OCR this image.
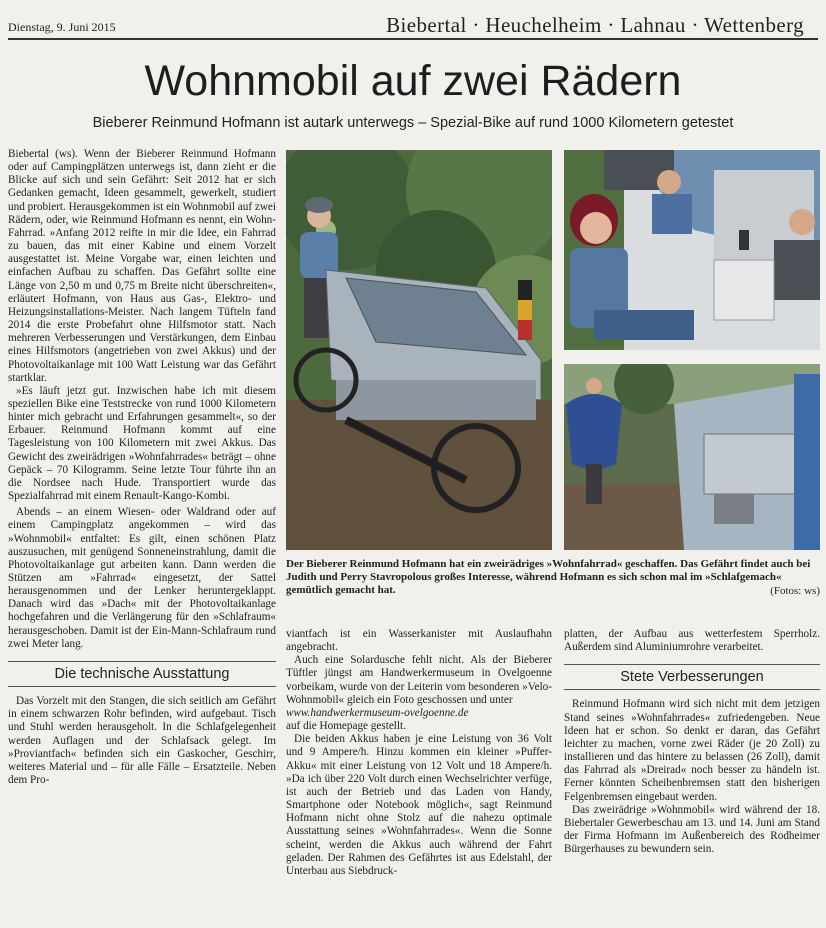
Dienstag, 9. Juni 2015	Biebertal · Heuchelheim · Lahnau · Wettenberg
Wohnmobil auf zwei Rädern
Bieberer Reinmund Hofmann ist autark unterwegs – Spezial-Bike auf rund 1000 Kilometern getestet

Biebertal (ws). Wenn der Bieberer Reinmund Hofmann oder auf Campingplätzen unterwegs ist, dann zieht er die Blicke auf sich und sein Gefährt: Seit 2012 hat er sich Gedanken gemacht, Ideen gesammelt, gewerkelt, studiert und probiert. Herausgekommen ist ein Wohnmobil auf zwei Rädern, oder, wie Reinmund Hofmann es nennt, ein Wohn-Fahrrad. »Anfang 2012 reifte in mir die Idee, ein Fahrrad zu bauen, das mit einer Kabine und einem Vorzelt ausgestattet ist. Meine Vorgabe war, einen leichten und einfachen Aufbau zu schaffen. Das Gefährt sollte eine Länge von 2,50 m und 0,75 m Breite nicht überschreiten«, erläutert Hofmann, von Haus aus Gas-, Elektro- und Heizungsinstallations-Meister. Nach langem Tüfteln fand 2014 die erste Probefahrt ohne Hilfsmotor statt. Nach mehreren Verbesserungen und Verstärkungen, dem Einbau eines Hilfsmotors (angetrieben von zwei Akkus) und der Photovoltaikanlage mit 100 Watt Leistung war das Gefährt startklar.

»Es läuft jetzt gut. Inzwischen habe ich mit diesem speziellen Bike eine Teststrecke von rund 1000 Kilometern hinter mich gebracht und Erfahrungen gesammelt«, so der Erbauer. Reinmund Hofmann kommt auf eine Tagesleistung von 100 Kilometern mit zwei Akkus. Das Gewicht des zweirädrigen »Wohnfahrrades« beträgt – ohne Gepäck – 70 Kilogramm. Seine letzte Tour führte ihn an die Nordsee nach Hude. Transportiert wurde das Spezialfahrrad mit einem Renault-Kango-Kombi.

Abends – an einem Wiesen- oder Waldrand oder auf einem Campingplatz angekommen – wird das »Wohnmobil« entfaltet: Es gilt, einen schönen Platz auszusuchen, mit genügend Sonneneinstrahlung, damit die Photovoltaikanlage gut arbeiten kann. Dann werden die Stützen am »Fahrrad« eingesetzt, der Sattel herausgenommen und der Lenker heruntergeklappt. Danach wird das »Dach« mit der Photovoltaikanlage hochgefahren und die Verlängerung für den »Schlafraum« herausgeschoben. Damit ist der Ein-Mann-Schlafraum rund zwei Meter lang.

Die technische Ausstattung

Das Vorzelt mit den Stangen, die sich seitlich am Gefährt in einem schwarzen Rohr befinden, wird aufgebaut. Tisch und Stuhl werden herausgeholt. In die Schlafgelegenheit werden Auflagen und der Schlafsack gelegt. Im »Proviantfach« befinden sich ein Gaskocher, Geschirr, weiteres Material und – für alle Fälle – Ersatzteile. Neben dem Pro-

Der Bieberer Reinmund Hofmann hat ein zweirädriges »Wohnfahrrad« geschaffen. Das Gefährt findet auch bei Judith und Perry Stavropolous großes Interesse, während Hofmann es sich schon mal im »Schlafgemach« gemütlich gemacht hat.	(Fotos: ws)

viantfach ist ein Wasserkanister mit Auslaufhahn angebracht.

Auch eine Solardusche fehlt nicht. Als der Bieberer Tüftler jüngst am Handwerkermuseum in Ovelgoenne vorbeikam, wurde von der Leiterin vom besonderen »Velo-Wohnmobil« gleich ein Foto geschossen und unter

www.handwerkermuseum-ovelgoenne.de

auf die Homepage gestellt.

Die beiden Akkus haben je eine Leistung von 36 Volt und 9 Ampere/h. Hinzu kommen ein kleiner »Puffer-Akku« mit einer Leistung von 12 Volt und 18 Ampere/h. »Da ich über 220 Volt durch einen Wechselrichter verfüge, ist auch der Betrieb und das Laden von Handy, Smartphone oder Notebook möglich«, sagt Reinmund Hofmann nicht ohne Stolz auf die nahezu optimale Ausstattung seines »Wohnfahrrades«. Wenn die Sonne scheint, werden die Akkus auch während der Fahrt geladen. Der Rahmen des Gefährtes ist aus Edelstahl, der Unterbau aus Siebdruck-

platten, der Aufbau aus wetterfestem Sperrholz. Außerdem sind Aluminiumrohre verarbeitet.

Stete Verbesserungen

Reinmund Hofmann wird sich nicht mit dem jetzigen Stand seines »Wohnfahrrades« zufriedengeben. Neue Ideen hat er schon. So denkt er daran, das Gefährt leichter zu machen, vorne zwei Räder (je 20 Zoll) zu installieren und das hintere zu belassen (26 Zoll), damit das Fahrrad als »Dreirad« noch besser zu händeln ist. Ferner könnten Scheibenbremsen statt den bisherigen Felgenbremsen eingebaut werden.

Das zweirädrige »Wohnmobil« wird während der 18. Biebertaler Gewerbeschau am 13. und 14. Juni am Stand der Firma Hofmann im Außenbereich des Rodheimer Bürgerhauses zu bewundern sein.
